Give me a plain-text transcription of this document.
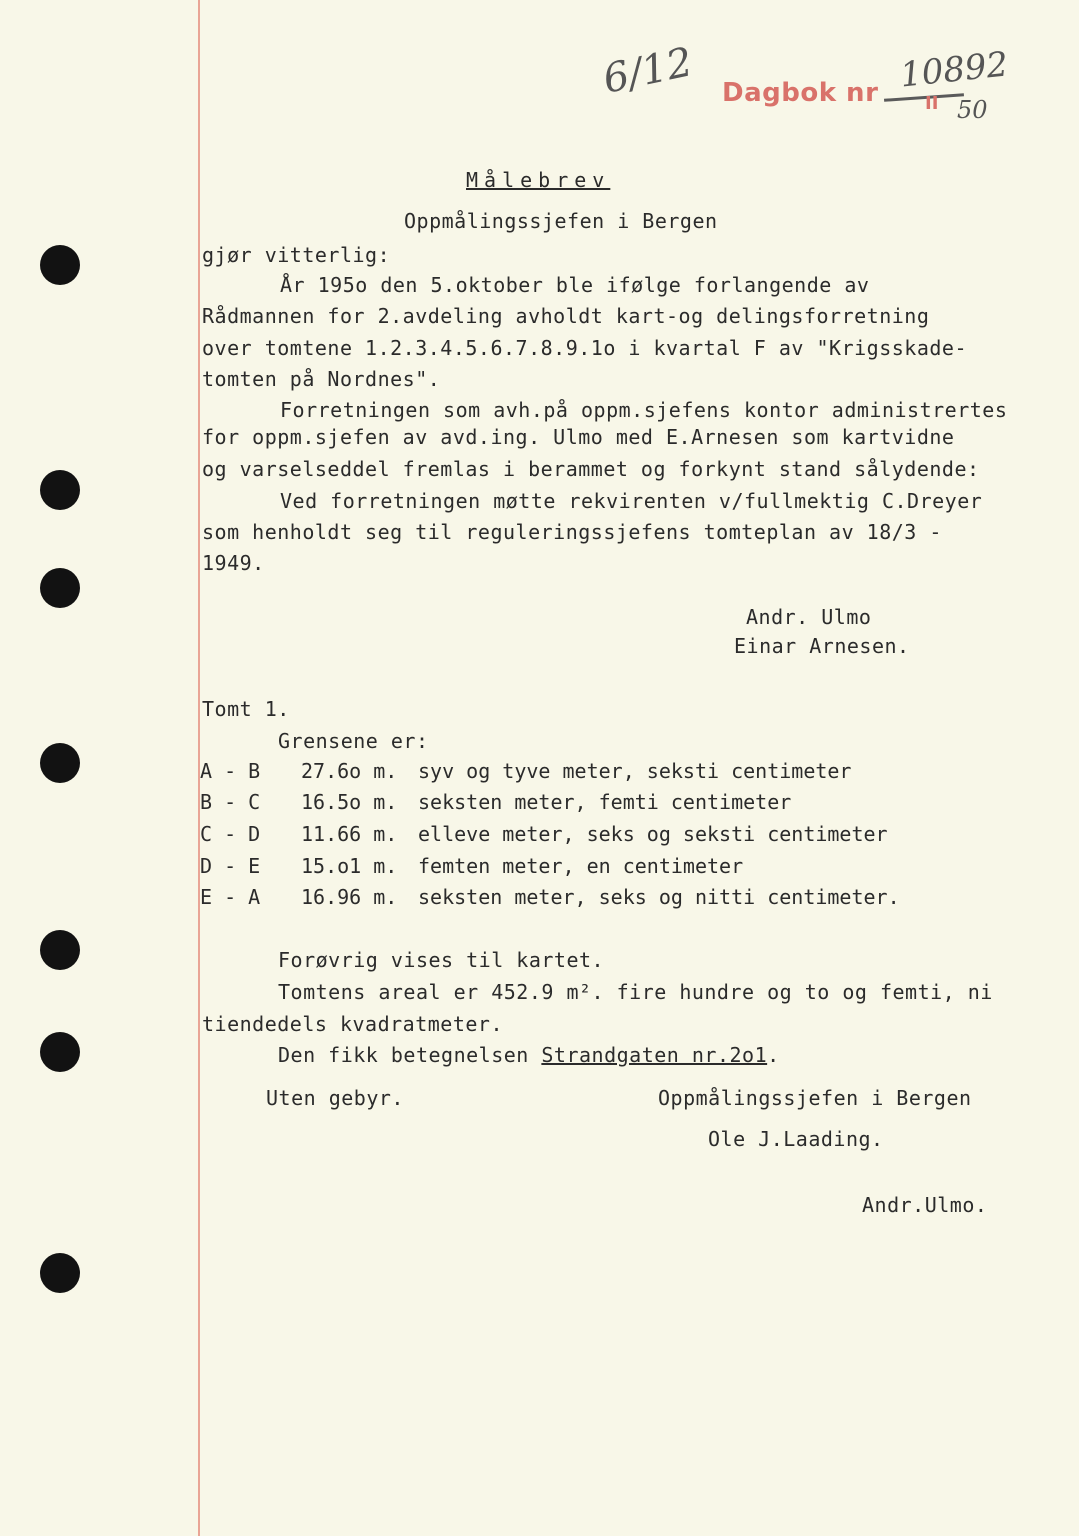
6/12 Dagbok nr 10892
II 50
Målebrev
Oppmålingssjefen i Bergen
gjør vitterlig:
År 195o den 5.oktober ble ifølge forlangende av
Rådmannen for 2.avdeling avholdt kart-og delingsforretning
over tomtene 1.2.3.4.5.6.7.8.9.1o i kvartal F av "Krigsskade-
tomten på Nordnes".
Forretningen som avh.på oppm.sjefens kontor administrertes
for oppm.sjefen av avd.ing. Ulmo med E.Arnesen som kartvidne
og varselseddel fremlas i berammet og forkynt stand sålydende:
Ved forretningen møtte rekvirenten v/fullmektig C.Dreyer
som henholdt seg til reguleringssjefens tomteplan av 18/3 -
1949.
Andr. Ulmo
Einar Arnesen.
Tomt 1.
Grensene er:
A - B 27.6o m. syv og tyve meter, seksti centimeter
B - C 16.5o m. seksten meter, femti centimeter
C - D 11.66 m. elleve meter, seks og seksti centimeter
D - E 15.o1 m. femten meter, en centimeter
E - A 16.96 m. seksten meter, seks og nitti centimeter.
Forøvrig vises til kartet.
Tomtens areal er 452.9 m². fire hundre og to og femti, ni
tiendedels kvadratmeter.
Den fikk betegnelsen Strandgaten nr.2o1.
Uten gebyr.	Oppmålingssjefen i Bergen
Ole J.Laading.
Andr.Ulmo.
